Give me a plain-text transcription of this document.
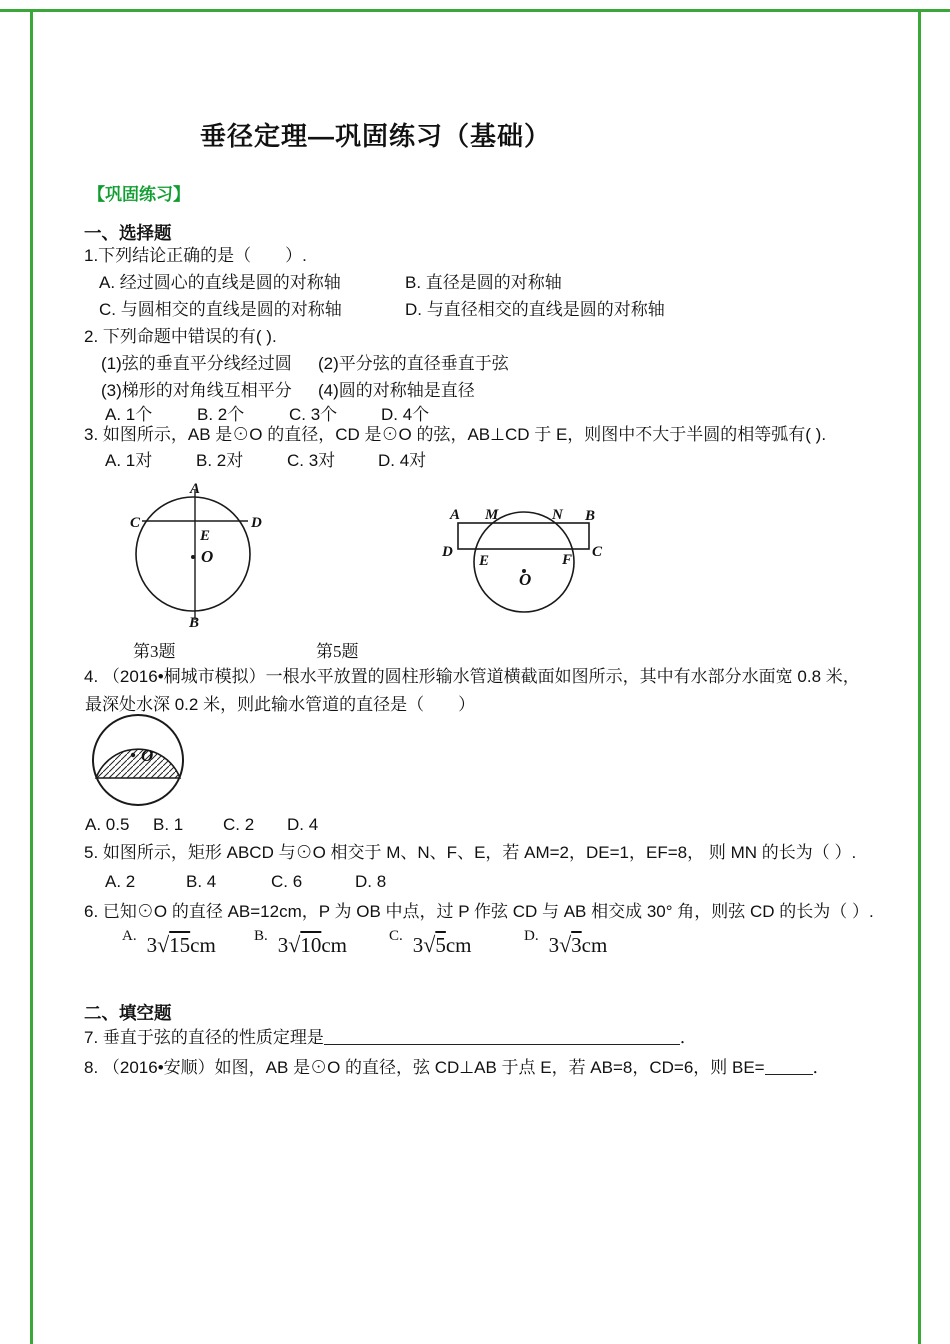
垂径定理—巩固练习（基础）
【巩固练习】
一、选择题
1.下列结论正确的是（　　）.
A. 经过圆心的直线是圆的对称轴	B. 直径是圆的对称轴
C. 与圆相交的直线是圆的对称轴	D. 与直径相交的直线是圆的对称轴
2. 下列命题中错误的有( ).
(1)弦的垂直平分线经过圆 (2)平分弦的直径垂直于弦
(3)梯形的对角线互相平分 (4)圆的对称轴是直径
A. 1个	B. 2个	C. 3个	D. 4个
3. 如图所示，AB 是⊙O 的直径，CD 是⊙O 的弦，AB⊥CD 于 E，则图中不大于半圆的相等弧有( ).
A. 1对	B. 2对	C. 3对	D. 4对
A
C	D
E
O
B
A M	N B
D
E	F C
O
第3题	第5题
4. （2016•桐城市模拟）一根水平放置的圆柱形输水管道横截面如图所示，其中有水部分水面宽 0.8 米，
最深处水深 0.2 米，则此输水管道的直径是（　　）
O
A. 0.5 B. 1 C. 2 D. 4
5. 如图所示，矩形 ABCD 与⊙O 相交于 M、N、F、E，若 AM=2，DE=1，EF=8， 则 MN 的长为（ ）.
A. 2	B. 4	C. 6	D. 8
6. 已知⊙O 的直径 AB=12cm，P 为 OB 中点，过 P 作弦 CD 与 AB 相交成 30° 角，则弦 CD 的长为（ ）.
A. 3√15cm	B. 3√10cm	C. 3√5cm	D. 3√3cm
二、填空题
7. 垂直于弦的直径的性质定理是	．
8. （2016•安顺）如图，AB 是⊙O 的直径，弦 CD⊥AB 于点 E，若 AB=8，CD=6，则 BE=	．
